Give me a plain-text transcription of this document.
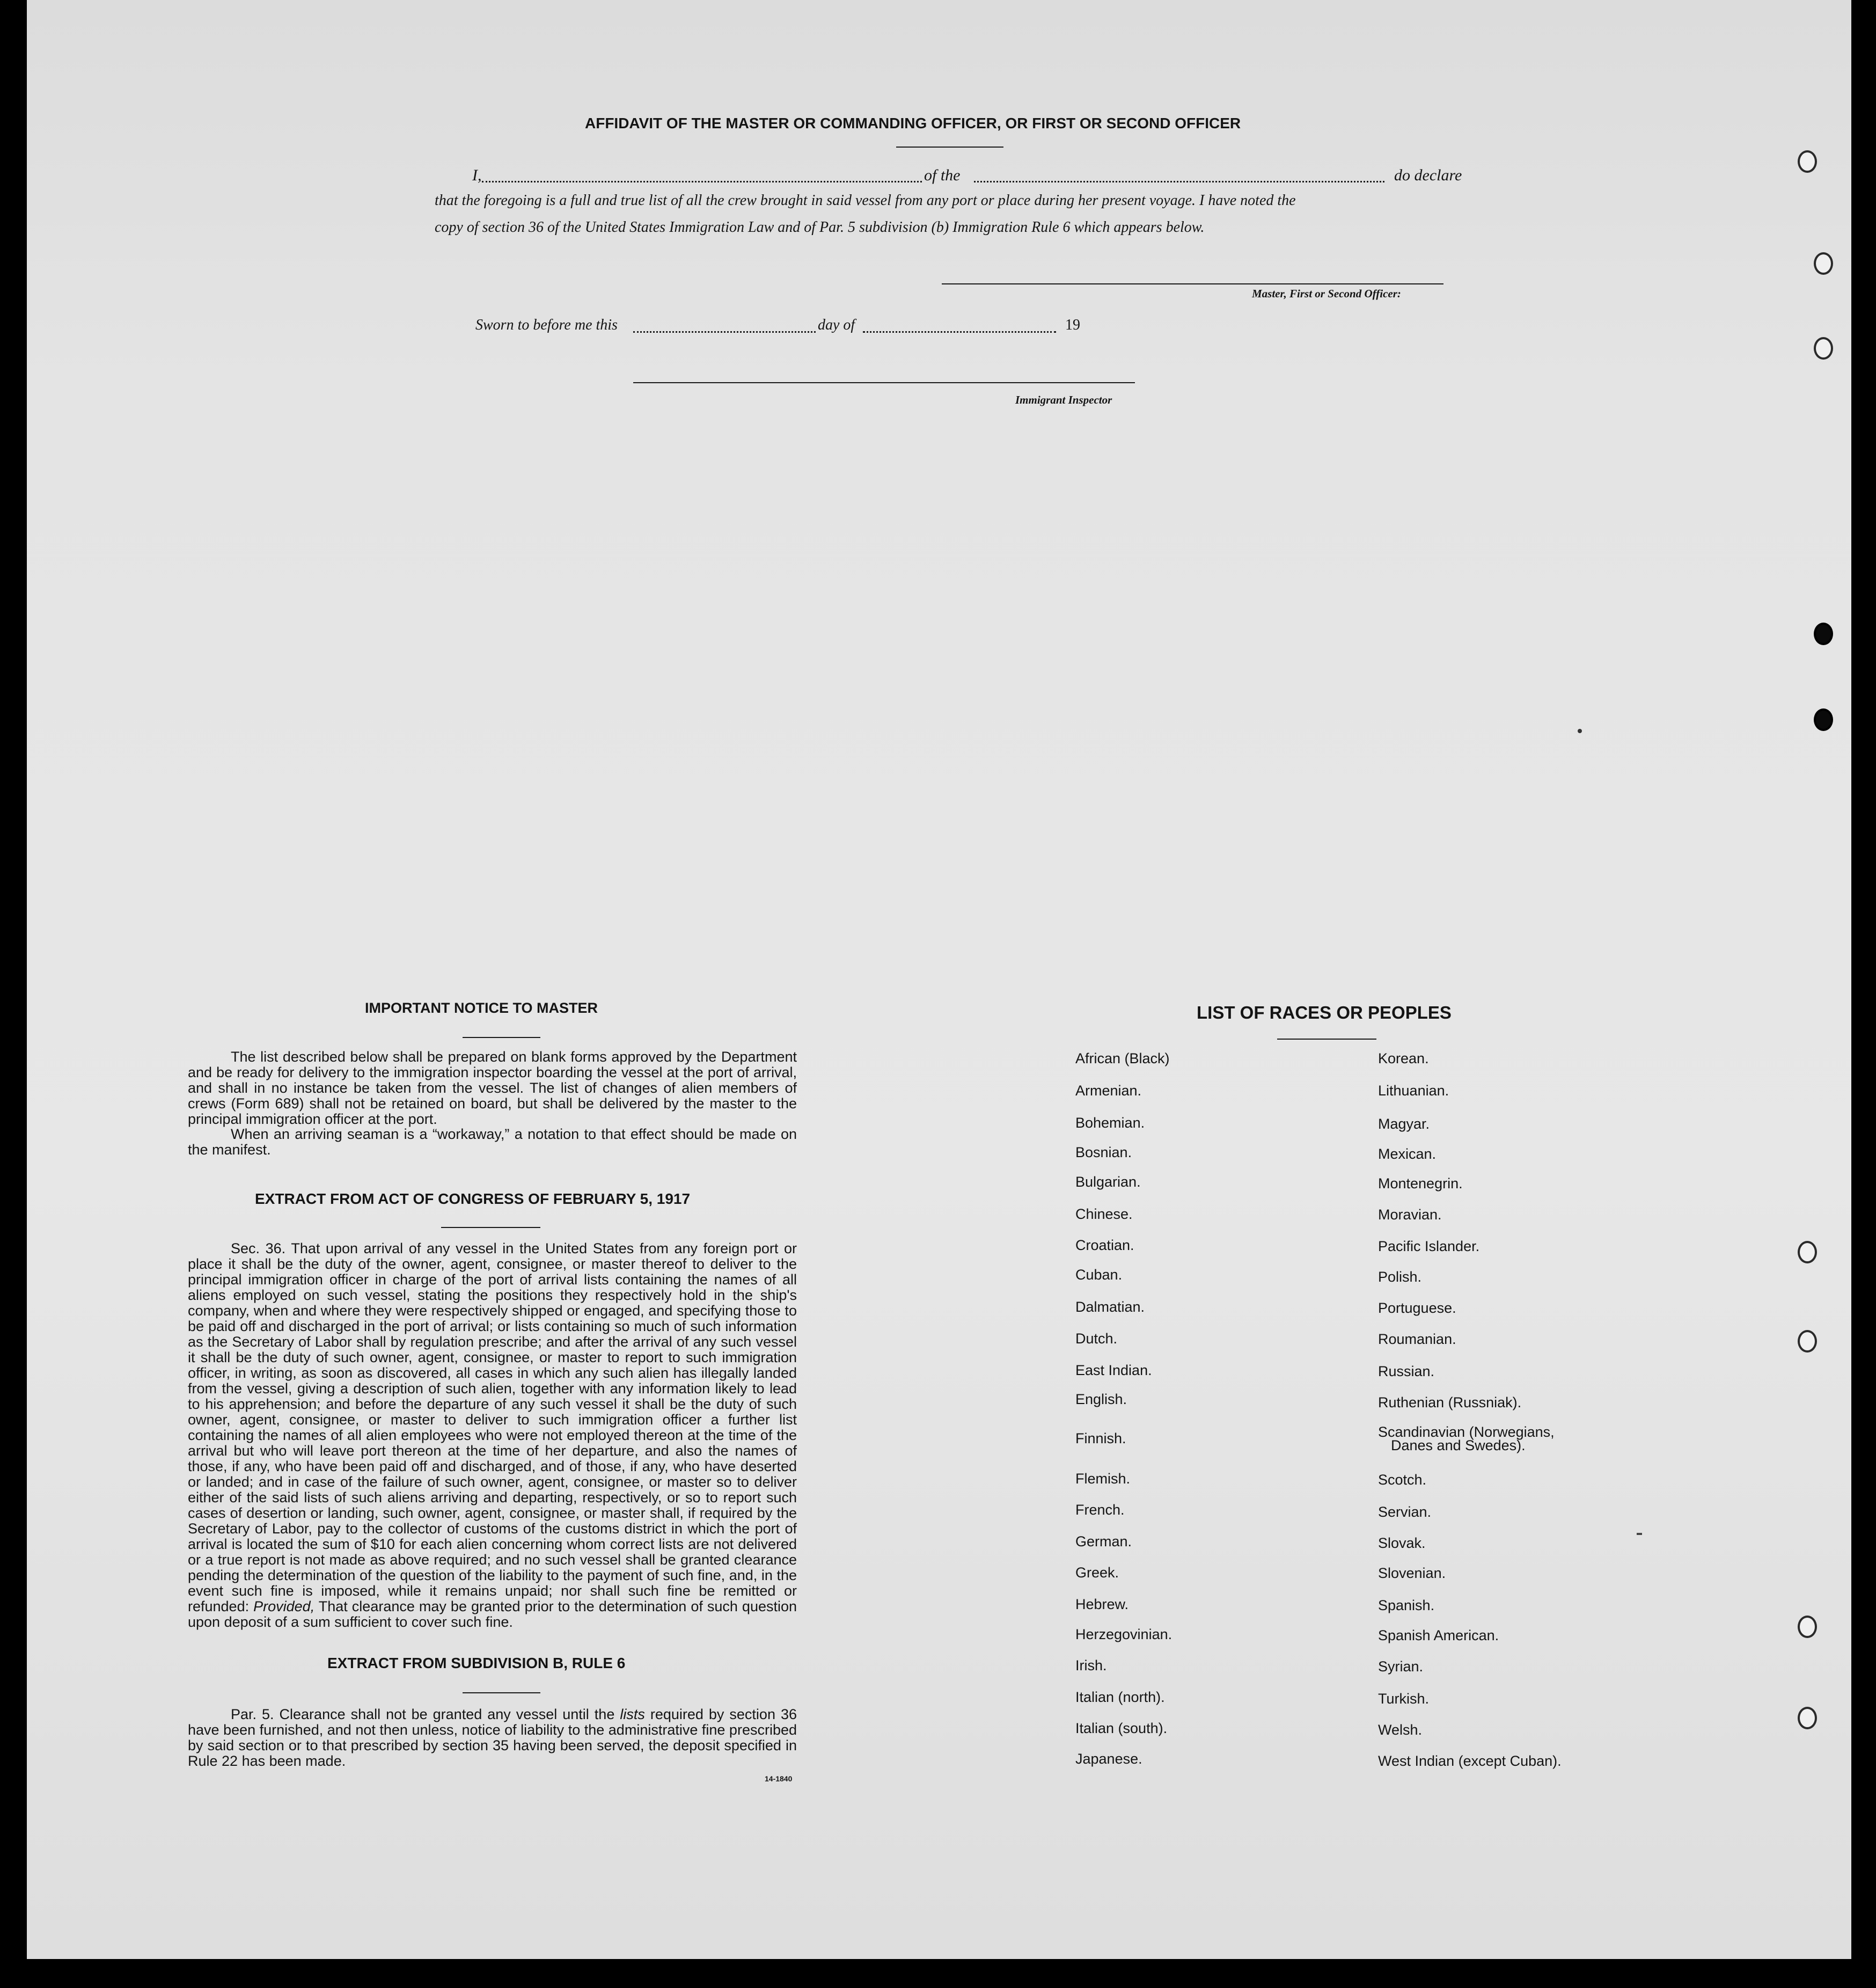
AFFIDAVIT OF THE MASTER OR COMMANDING OFFICER, OR FIRST OR SECOND OFFICER
I,	of the	do declare
that the foregoing is a full and true list of all the crew brought in said vessel from any port or place during her present voyage. I have noted the
copy of section 36 of the United States Immigration Law and of Par. 5 subdivision (b) Immigration Rule 6 which appears below.
Master, First or Second Officer:
Sworn to before me this	day of	19
Immigrant Inspector
IMPORTANT NOTICE TO MASTER
The list described below shall be prepared on blank forms approved by the Department and be ready for delivery to the immigration inspector boarding the vessel at the port of arrival, and shall in no instance be taken from the vessel. The list of changes of alien members of crews (Form 689) shall not be retained on board, but shall be delivered by the master to the principal immigration officer at the port.
When an arriving seaman is a “workaway,” a notation to that effect should be made on the manifest.
EXTRACT FROM ACT OF CONGRESS OF FEBRUARY 5, 1917
Sec. 36. That upon arrival of any vessel in the United States from any foreign port or place it shall be the duty of the owner, agent, consignee, or master thereof to deliver to the principal immigration officer in charge of the port of arrival lists containing the names of all aliens employed on such vessel, stating the positions they respectively hold in the ship's company, when and where they were respectively shipped or engaged, and specifying those to be paid off and discharged in the port of arrival; or lists containing so much of such information as the Secretary of Labor shall by regulation prescribe; and after the arrival of any such vessel it shall be the duty of such owner, agent, consignee, or master to report to such immigration officer, in writing, as soon as discovered, all cases in which any such alien has illegally landed from the vessel, giving a description of such alien, together with any information likely to lead to his apprehension; and before the departure of any such vessel it shall be the duty of such owner, agent, consignee, or master to deliver to such immigration officer a further list containing the names of all alien employees who were not employed thereon at the time of the arrival but who will leave port thereon at the time of her departure, and also the names of those, if any, who have been paid off and discharged, and of those, if any, who have deserted or landed; and in case of the failure of such owner, agent, consignee, or master so to deliver either of the said lists of such aliens arriving and departing, respectively, or so to report such cases of desertion or landing, such owner, agent, consignee, or master shall, if required by the Secretary of Labor, pay to the collector of customs of the customs district in which the port of arrival is located the sum of $10 for each alien concerning whom correct lists are not delivered or a true report is not made as above required; and no such vessel shall be granted clearance pending the determination of the question of the liability to the payment of such fine, and, in the event such fine is imposed, while it remains unpaid; nor shall such fine be remitted or refunded: Provided, That clearance may be granted prior to the determination of such question upon deposit of a sum sufficient to cover such fine.
EXTRACT FROM SUBDIVISION B, RULE 6
Par. 5. Clearance shall not be granted any vessel until the lists required by section 36 have been furnished, and not then unless, notice of liability to the administrative fine prescribed by said section or to that prescribed by section 35 having been served, the deposit specified in Rule 22 has been made.
14-1840
LIST OF RACES OR PEOPLES
African (Black)
Armenian.
Bohemian.
Bosnian.
Bulgarian.
Chinese.
Croatian.
Cuban.
Dalmatian.
Dutch.
East Indian.
English.
Finnish.
Flemish.
French.
German.
Greek.
Hebrew.
Herzegovinian.
Irish.
Italian (north).
Italian (south).
Japanese.
Korean.
Lithuanian.
Magyar.
Mexican.
Montenegrin.
Moravian.
Pacific Islander.
Polish.
Portuguese.
Roumanian.
Russian.
Ruthenian (Russniak).
Scandinavian (Norwegians,
Danes and Swedes).
Scotch.
Servian.
Slovak.
Slovenian.
Spanish.
Spanish American.
Syrian.
Turkish.
Welsh.
West Indian (except Cuban).
